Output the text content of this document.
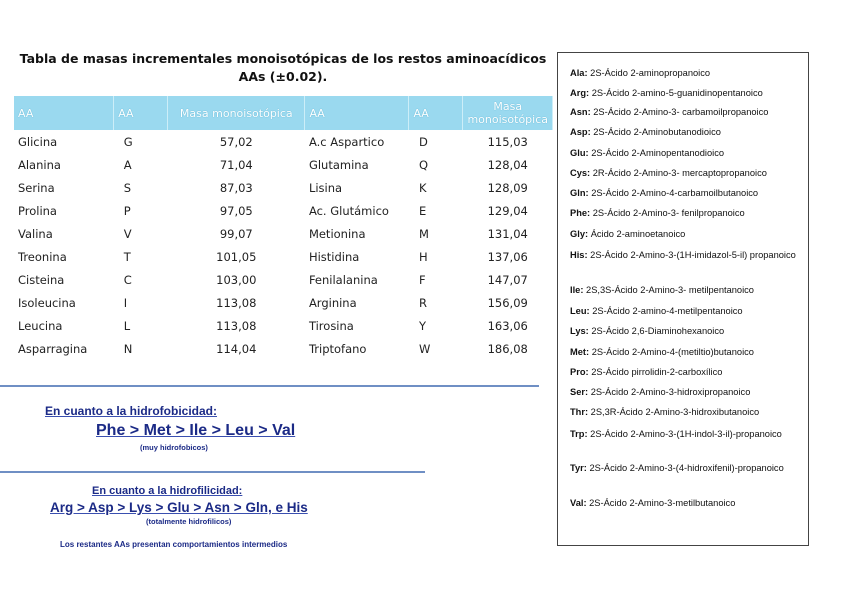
Tabla de masas incrementales monoisotópicas de los restos aminoacídicos AAs (±0.02).
AA	AA	Masa monoisotópica	AA	AA	Masa monoisotópica
Glicina	G	57,02	A.c Aspartico	D	115,03
Alanina	A	71,04	Glutamina	Q	128,04
Serina	S	87,03	Lisina	K	128,09
Prolina	P	97,05	Ac. Glutámico	E	129,04
Valina	V	99,07	Metionina	M	131,04
Treonina	T	101,05	Histidina	H	137,06
Cisteina	C	103,00	Fenilalanina	F	147,07
Isoleucina	I	113,08	Arginina	R	156,09
Leucina	L	113,08	Tirosina	Y	163,06
Asparragina	N	114,04	Triptofano	W	186,08
En cuanto a la hidrofobicidad:
Phe > Met > Ile > Leu > Val
(muy hidrofobicos)
En cuanto a la hidrofilicidad:
Arg > Asp > Lys > Glu > Asn > Gln, e His
(totalmente hidrofilicos)
Los restantes AAs presentan comportamientos intermedios
Ala: 2S-Ácido 2-aminopropanoico
Arg: 2S-Ácido 2-amino-5-guanidinopentanoico
Asn: 2S-Ácido 2-Amino-3- carbamoilpropanoico
Asp: 2S-Ácido 2-Aminobutanodioico
Glu: 2S-Ácido 2-Aminopentanodioico
Cys: 2R-Ácido 2-Amino-3- mercaptopropanoico
Gln: 2S-Ácido 2-Amino-4-carbamoilbutanoico
Phe: 2S-Ácido 2-Amino-3- fenilpropanoico
Gly: Ácido 2-aminoetanoico
His: 2S-Ácido 2-Amino-3-(1H-imidazol-5-il) propanoico
Ile: 2S,3S-Ácido 2-Amino-3- metilpentanoico
Leu: 2S-Ácido 2-amino-4-metilpentanoico
Lys: 2S-Ácido 2,6-Diaminohexanoico
Met: 2S-Ácido 2-Amino-4-(metiltio)butanoico
Pro: 2S-Ácido pirrolidin-2-carboxílico
Ser: 2S-Ácido 2-Amino-3-hidroxipropanoico
Thr: 2S,3R-Ácido 2-Amino-3-hidroxibutanoico
Trp: 2S-Ácido 2-Amino-3-(1H-indol-3-il)-propanoico
Tyr: 2S-Ácido 2-Amino-3-(4-hidroxifenil)-propanoico
Val: 2S-Ácido 2-Amino-3-metilbutanoico
